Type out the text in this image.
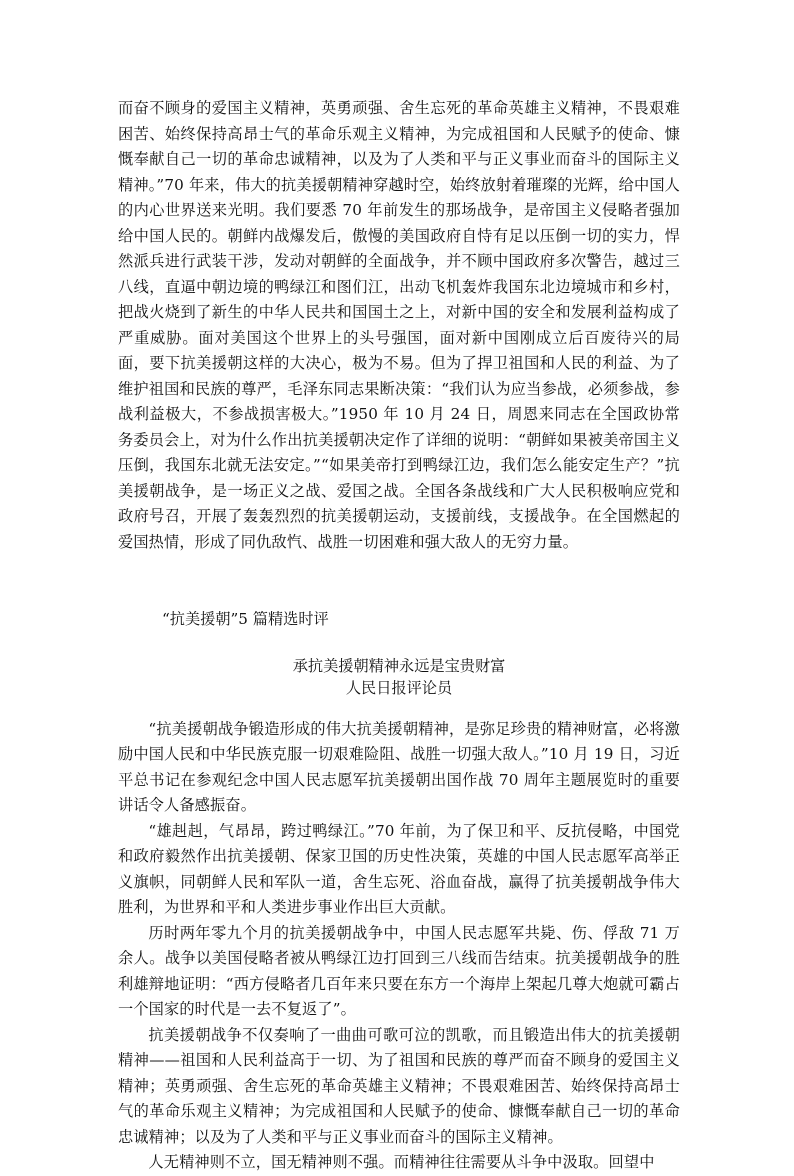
而奋不顾身的爱国主义精神，英勇顽强、舍生忘死的革命英雄主义精神，不畏艰难困苦、始终保持高昂士气的革命乐观主义精神，为完成祖国和人民赋予的使命、慷慨奉献自己一切的革命忠诚精神，以及为了人类和平与正义事业而奋斗的国际主义精神。”70 年来，伟大的抗美援朝精神穿越时空，始终放射着璀璨的光辉，给中国人的内心世界送来光明。我们要悉 70 年前发生的那场战争，是帝国主义侵略者强加给中国人民的。朝鲜内战爆发后，傲慢的美国政府自恃有足以压倒一切的实力，悍然派兵进行武装干涉，发动对朝鲜的全面战争，并不顾中国政府多次警告，越过三八线，直逼中朝边境的鸭绿江和图们江，出动飞机轰炸我国东北边境城市和乡村，把战火烧到了新生的中华人民共和国国土之上，对新中国的安全和发展利益构成了严重威胁。面对美国这个世界上的头号强国，面对新中国刚成立后百废待兴的局面，要下抗美援朝这样的大决心，极为不易。但为了捍卫祖国和人民的利益、为了维护祖国和民族的尊严，毛泽东同志果断决策：“我们认为应当参战，必须参战，参战利益极大，不参战损害极大。”1950 年 10 月 24 日，周恩来同志在全国政协常务委员会上，对为什么作出抗美援朝决定作了详细的说明：“朝鲜如果被美帝国主义压倒，我国东北就无法安定。”“如果美帝打到鸭绿江边，我们怎么能安定生产？”抗美援朝战争，是一场正义之战、爱国之战。全国各条战线和广大人民积极响应党和政府号召，开展了轰轰烈烈的抗美援朝运动，支援前线，支援战争。在全国燃起的爱国热情，形成了同仇敌忾、战胜一切困难和强大敌人的无穷力量。

“抗美援朝”5 篇精选时评
承抗美援朝精神永远是宝贵财富
人民日报评论员

“抗美援朝战争锻造形成的伟大抗美援朝精神，是弥足珍贵的精神财富，必将激励中国人民和中华民族克服一切艰难险阻、战胜一切强大敌人。”10 月 19 日，习近平总书记在参观纪念中国人民志愿军抗美援朝出国作战 70 周年主题展览时的重要讲话令人备感振奋。

“雄赳赳，气昂昂，跨过鸭绿江。”70 年前，为了保卫和平、反抗侵略，中国党和政府毅然作出抗美援朝、保家卫国的历史性决策，英雄的中国人民志愿军高举正义旗帜，同朝鲜人民和军队一道，舍生忘死、浴血奋战，赢得了抗美援朝战争伟大胜利，为世界和平和人类进步事业作出巨大贡献。

历时两年零九个月的抗美援朝战争中，中国人民志愿军共毙、伤、俘敌 71 万余人。战争以美国侵略者被从鸭绿江边打回到三八线而告结束。抗美援朝战争的胜利雄辩地证明：“西方侵略者几百年来只要在东方一个海岸上架起几尊大炮就可霸占一个国家的时代是一去不复返了”。

抗美援朝战争不仅奏响了一曲曲可歌可泣的凯歌，而且锻造出伟大的抗美援朝精神——祖国和人民利益高于一切、为了祖国和民族的尊严而奋不顾身的爱国主义精神；英勇顽强、舍生忘死的革命英雄主义精神；不畏艰难困苦、始终保持高昂士气的革命乐观主义精神；为完成祖国和人民赋予的使命、慷慨奉献自己一切的革命忠诚精神；以及为了人类和平与正义事业而奋斗的国际主义精神。

人无精神则不立，国无精神则不强。而精神往往需要从斗争中汲取。回望中
